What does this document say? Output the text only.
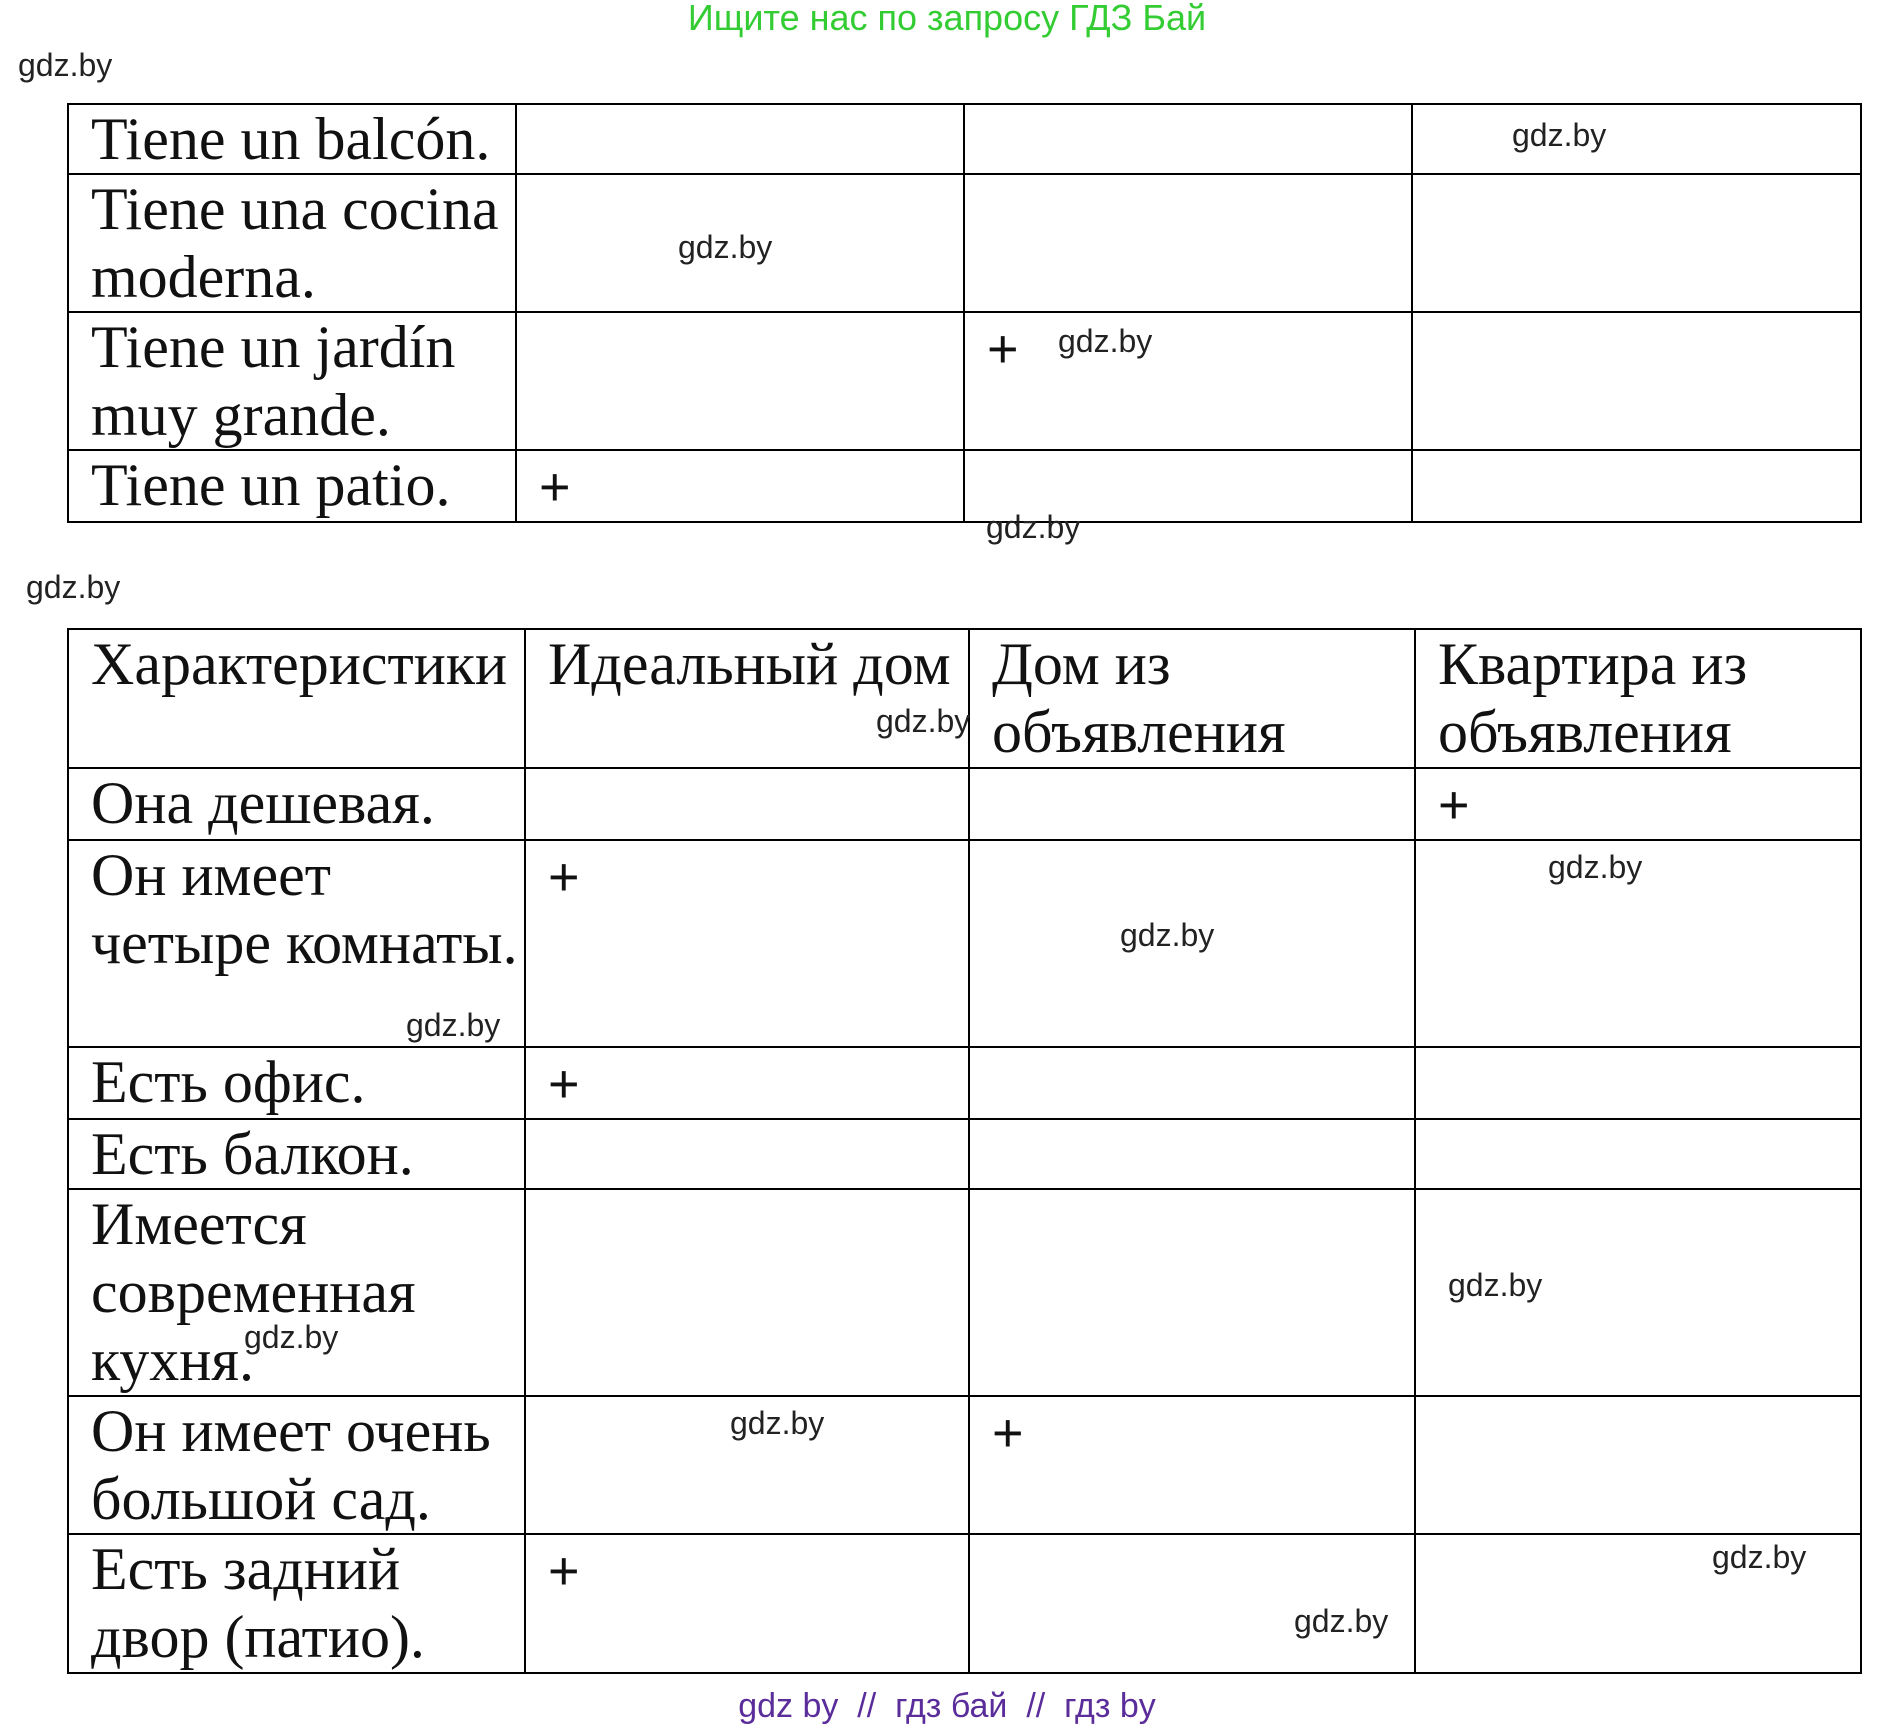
Ищите нас по запросу ГДЗ Бай
gdz.by
gdz.by
Tiene un balcón.			

Tiene una cocina moderna.			

Tiene un jardín muy grande.		+	

Tiene un patio.	+		
Характеристики	Идеальный дом	Дом из объявления	Квартира из объявления

Она дешевая.			+

Он имеет четыре комнаты.	+		

Есть офис.	+		

Есть балкон.			

Имеется современная кухня.			

Он имеет очень большой сад.		+	

Есть задний двор (патио).	+		
gdz.by
gdz.by
gdz.by
gdz.by
gdz.by
gdz.by
gdz.by
gdz.by
gdz.by
gdz.by
gdz.by
gdz.by
gdz.by
gdz by  //  гдз бай  //  гдз by
